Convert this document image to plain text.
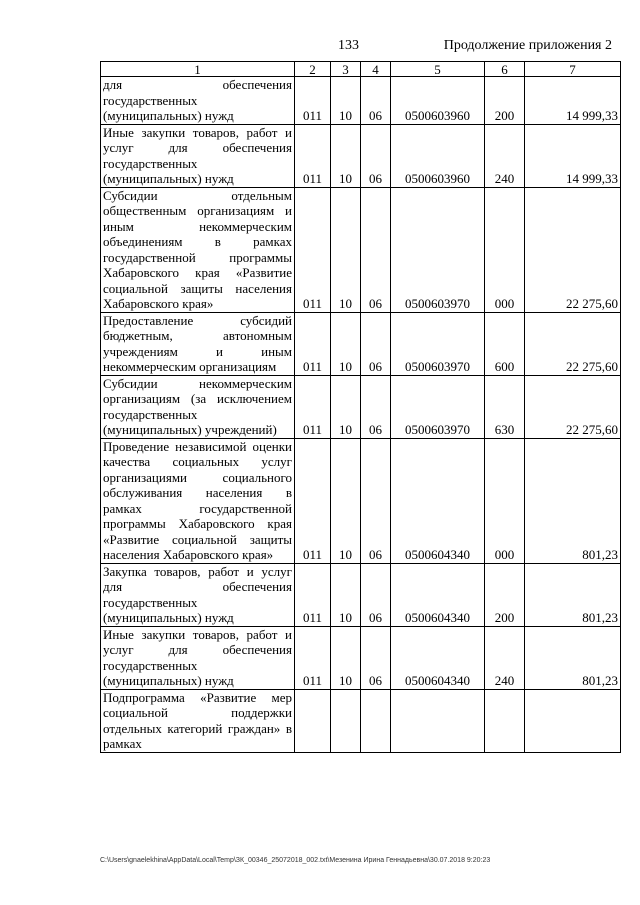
133	Продолжение приложения 2
1	2	3	4	5	6	7
для обеспечения государственных (муниципальных) нужд	011	10	06	0500603960	200	14 999,33
Иные закупки товаров, работ и услуг для обеспечения государственных (муниципальных) нужд	011	10	06	0500603960	240	14 999,33
Субсидии отдельным общественным организациям и иным некоммерческим объединениям в рамках государственной программы Хабаровского края «Развитие социальной защиты населения Хабаровского края»	011	10	06	0500603970	000	22 275,60
Предоставление субсидий бюджетным, автономным учреждениям и иным некоммерческим организациям	011	10	06	0500603970	600	22 275,60
Субсидии некоммерческим организациям (за исключением государственных (муниципальных) учреждений)	011	10	06	0500603970	630	22 275,60
Проведение независимой оценки качества социальных услуг организациями социального обслуживания населения в рамках государственной программы Хабаровского края «Развитие социальной защиты населения Хабаровского края»	011	10	06	0500604340	000	801,23
Закупка товаров, работ и услуг для обеспечения государственных (муниципальных) нужд	011	10	06	0500604340	200	801,23
Иные закупки товаров, работ и услуг для обеспечения государственных (муниципальных) нужд	011	10	06	0500604340	240	801,23
Подпрограмма «Развитие мер социальной поддержки отдельных категорий граждан» в рамках						
C:\Users\gnaelekhina\AppData\Local\Temp\ЗК_00346_25072018_002.txt\Мезенина Ирина Геннадьевна\30.07.2018 9:20:23
